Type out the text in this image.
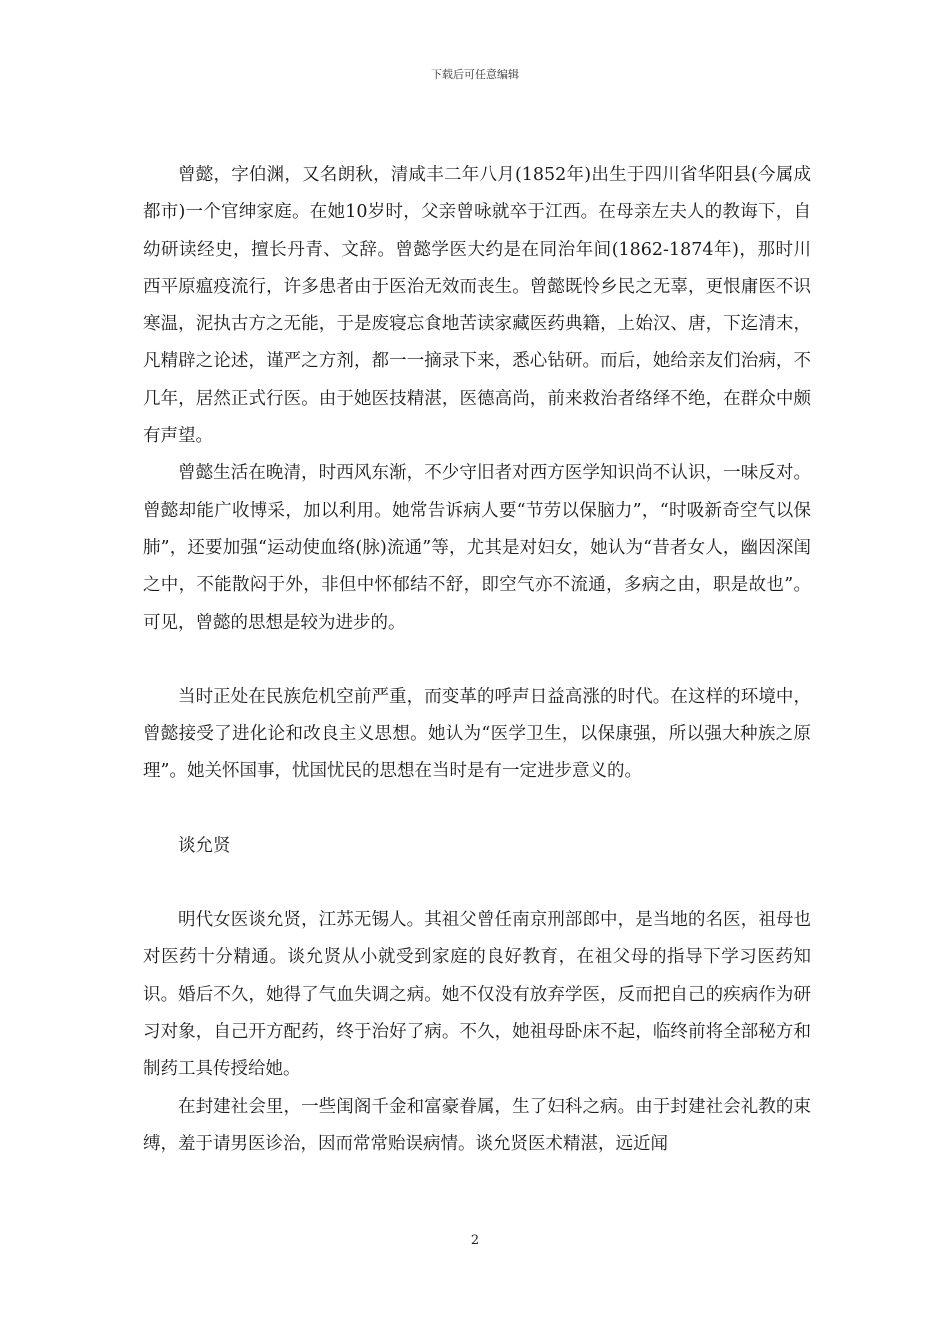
下载后可任意编辑

曾懿，字伯渊，又名朗秋，清咸丰二年八月(1852年)出生于四川省华阳县(今属成都市)一个官绅家庭。在她10岁时，父亲曾咏就卒于江西。在母亲左夫人的教诲下，自幼研读经史，擅长丹青、文辞。曾懿学医大约是在同治年间(1862-1874年)，那时川西平原瘟疫流行，许多患者由于医治无效而丧生。曾懿既怜乡民之无辜，更恨庸医不识寒温，泥执古方之无能，于是废寝忘食地苦读家藏医药典籍，上始汉、唐，下迄清末，凡精辟之论述，谨严之方剂，都一一摘录下来，悉心钻研。而后，她给亲友们治病，不几年，居然正式行医。由于她医技精湛，医德高尚，前来救治者络绎不绝，在群众中颇有声望。

曾懿生活在晚清，时西风东渐，不少守旧者对西方医学知识尚不认识，一味反对。曾懿却能广收博采，加以利用。她常告诉病人要“节劳以保脑力”，“时吸新奇空气以保肺”，还要加强“运动使血络(脉)流通”等，尤其是对妇女，她认为“昔者女人，幽因深闺之中，不能散闷于外，非但中怀郁结不舒，即空气亦不流通，多病之由，职是故也”。可见，曾懿的思想是较为进步的。

当时正处在民族危机空前严重，而变革的呼声日益高涨的时代。在这样的环境中，曾懿接受了进化论和改良主义思想。她认为“医学卫生，以保康强，所以强大种族之原理”。她关怀国事，忧国忧民的思想在当时是有一定进步意义的。

谈允贤

明代女医谈允贤，江苏无锡人。其祖父曾任南京刑部郎中，是当地的名医，祖母也对医药十分精通。谈允贤从小就受到家庭的良好教育，在祖父母的指导下学习医药知识。婚后不久，她得了气血失调之病。她不仅没有放弃学医，反而把自己的疾病作为研习对象，自己开方配药，终于治好了病。不久，她祖母卧床不起，临终前将全部秘方和制药工具传授给她。

在封建社会里，一些闺阁千金和富豪眷属，生了妇科之病。由于封建社会礼教的束缚，羞于请男医诊治，因而常常贻误病情。谈允贤医术精湛，远近闻

2
